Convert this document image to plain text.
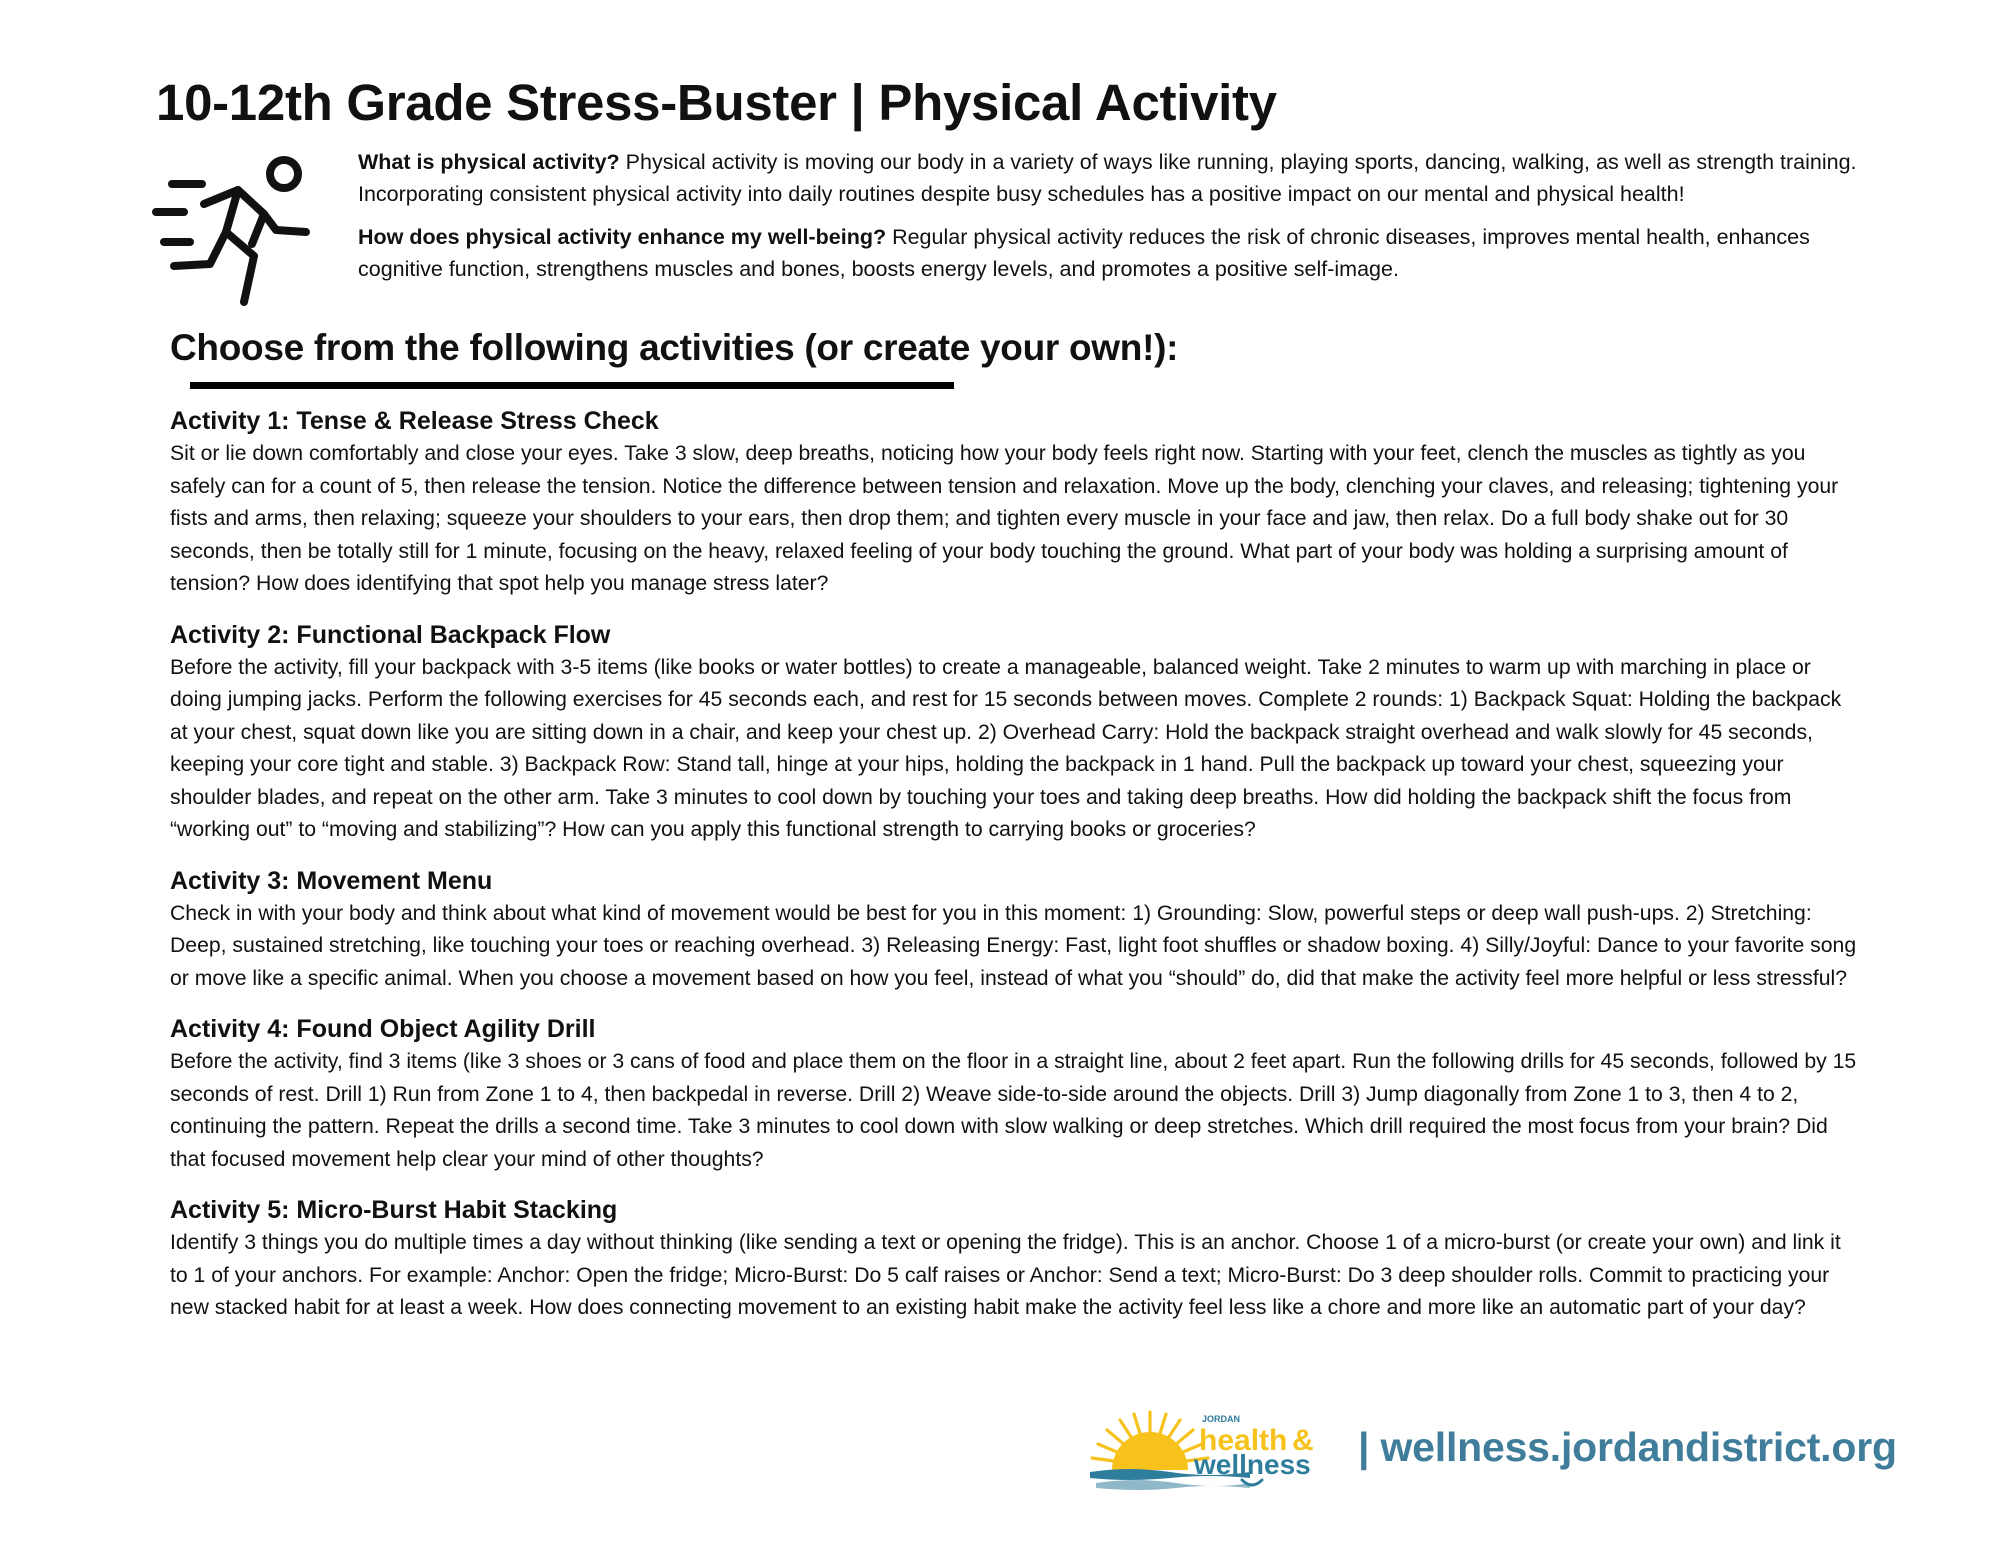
10-12th Grade Stress-Buster | Physical Activity

What is physical activity? Physical activity is moving our body in a variety of ways like running, playing sports, dancing, walking, as well as strength training. Incorporating consistent physical activity into daily routines despite busy schedules has a positive impact on our mental and physical health!

How does physical activity enhance my well-being? Regular physical activity reduces the risk of chronic diseases, improves mental health, enhances cognitive function, strengthens muscles and bones, boosts energy levels, and promotes a positive self-image.

Choose from the following activities (or create your own!):
Activity 1: Tense & Release Stress Check

Sit or lie down comfortably and close your eyes. Take 3 slow, deep breaths, noticing how your body feels right now. Starting with your feet, clench the muscles as tightly as you safely can for a count of 5, then release the tension. Notice the difference between tension and relaxation. Move up the body, clenching your claves, and releasing; tightening your fists and arms, then relaxing; squeeze your shoulders to your ears, then drop them; and tighten every muscle in your face and jaw, then relax. Do a full body shake out for 30 seconds, then be totally still for 1 minute, focusing on the heavy, relaxed feeling of your body touching the ground. What part of your body was holding a surprising amount of tension? How does identifying that spot help you manage stress later?

Activity 2: Functional Backpack Flow

Before the activity, fill your backpack with 3-5 items (like books or water bottles) to create a manageable, balanced weight. Take 2 minutes to warm up with marching in place or doing jumping jacks. Perform the following exercises for 45 seconds each, and rest for 15 seconds between moves. Complete 2 rounds: 1) Backpack Squat: Holding the backpack at your chest, squat down like you are sitting down in a chair, and keep your chest up. 2) Overhead Carry: Hold the backpack straight overhead and walk slowly for 45 seconds, keeping your core tight and stable. 3) Backpack Row: Stand tall, hinge at your hips, holding the backpack in 1 hand. Pull the backpack up toward your chest, squeezing your shoulder blades, and repeat on the other arm. Take 3 minutes to cool down by touching your toes and taking deep breaths. How did holding the backpack shift the focus from “working out” to “moving and stabilizing”? How can you apply this functional strength to carrying books or groceries?

Activity 3: Movement Menu

Check in with your body and think about what kind of movement would be best for you in this moment: 1) Grounding: Slow, powerful steps or deep wall push-ups. 2) Stretching: Deep, sustained stretching, like touching your toes or reaching overhead. 3) Releasing Energy: Fast, light foot shuffles or shadow boxing. 4) Silly/Joyful: Dance to your favorite song or move like a specific animal. When you choose a movement based on how you feel, instead of what you “should” do, did that make the activity feel more helpful or less stressful?

Activity 4: Found Object Agility Drill

Before the activity, find 3 items (like 3 shoes or 3 cans of food and place them on the floor in a straight line, about 2 feet apart. Run the following drills for 45 seconds, followed by 15 seconds of rest. Drill 1) Run from Zone 1 to 4, then backpedal in reverse. Drill 2) Weave side-to-side around the objects. Drill 3) Jump diagonally from Zone 1 to 3, then 4 to 2, continuing the pattern. Repeat the drills a second time. Take 3 minutes to cool down with slow walking or deep stretches. Which drill required the most focus from your brain? Did that focused movement help clear your mind of other thoughts?

Activity 5: Micro-Burst Habit Stacking

Identify 3 things you do multiple times a day without thinking (like sending a text or opening the fridge). This is an anchor. Choose 1 of a micro-burst (or create your own) and link it to 1 of your anchors. For example: Anchor: Open the fridge; Micro-Burst: Do 5 calf raises or Anchor: Send a text; Micro-Burst: Do 3 deep shoulder rolls. Commit to practicing your new stacked habit for at least a week. How does connecting movement to an existing habit make the activity feel less like a chore and more like an automatic part of your day?

JORDAN
health &
wellness | wellness.jordandistrict.org
